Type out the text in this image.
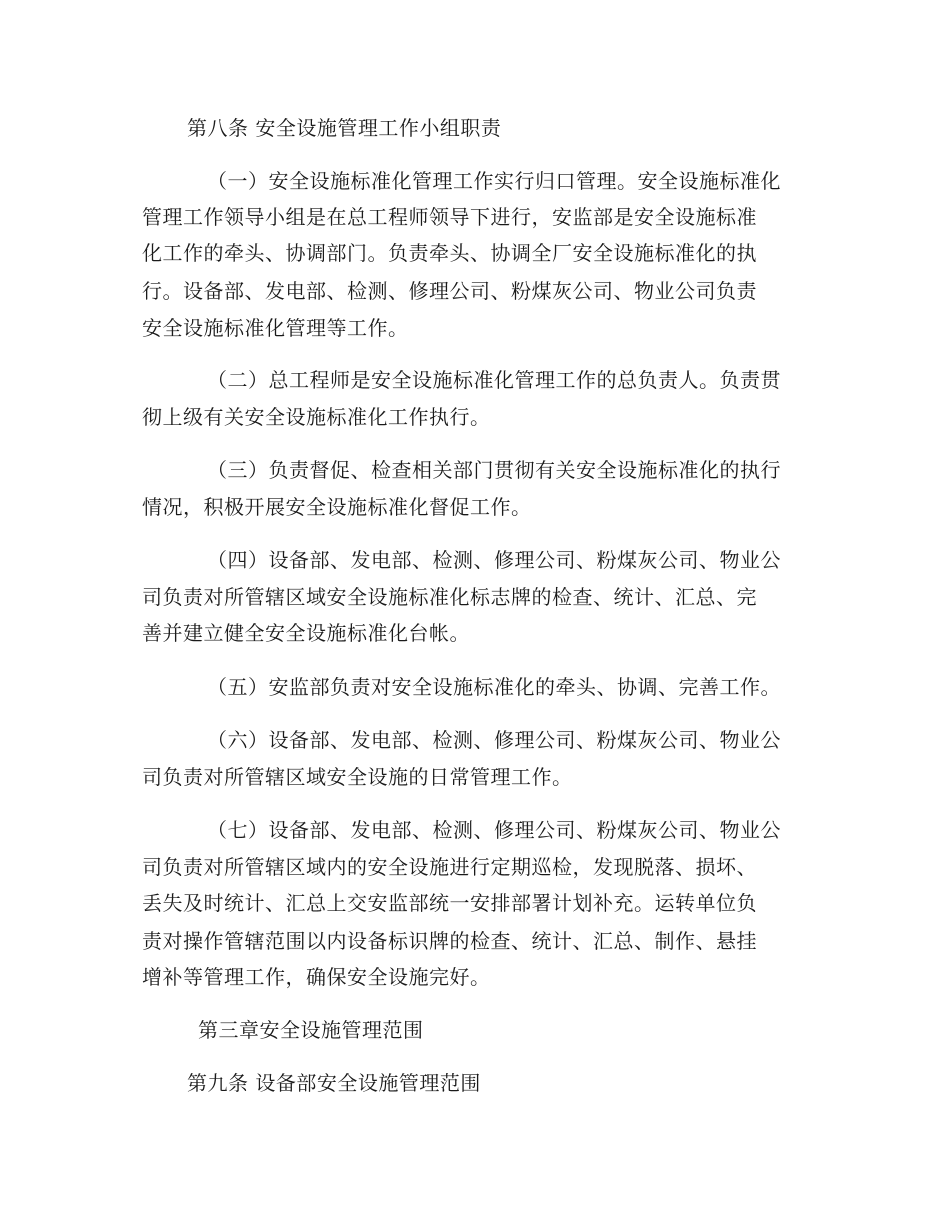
第八条 安全设施管理工作小组职责
（一）安全设施标准化管理工作实行归口管理。安全设施标准化
管理工作领导小组是在总工程师领导下进行，安监部是安全设施标准
化工作的牵头、协调部门。负责牵头、协调全厂安全设施标准化的执
行。设备部、发电部、检测、修理公司、粉煤灰公司、物业公司负责
安全设施标准化管理等工作。
（二）总工程师是安全设施标准化管理工作的总负责人。负责贯
彻上级有关安全设施标准化工作执行。
（三）负责督促、检查相关部门贯彻有关安全设施标准化的执行
情况，积极开展安全设施标准化督促工作。
（四）设备部、发电部、检测、修理公司、粉煤灰公司、物业公
司负责对所管辖区域安全设施标准化标志牌的检查、统计、汇总、完
善并建立健全安全设施标准化台帐。
（五）安监部负责对安全设施标准化的牵头、协调、完善工作。
（六）设备部、发电部、检测、修理公司、粉煤灰公司、物业公
司负责对所管辖区域安全设施的日常管理工作。
（七）设备部、发电部、检测、修理公司、粉煤灰公司、物业公
司负责对所管辖区域内的安全设施进行定期巡检，发现脱落、损坏、
丢失及时统计、汇总上交安监部统一安排部署计划补充。运转单位负
责对操作管辖范围以内设备标识牌的检查、统计、汇总、制作、悬挂
增补等管理工作，确保安全设施完好。
第三章安全设施管理范围
第九条 设备部安全设施管理范围
